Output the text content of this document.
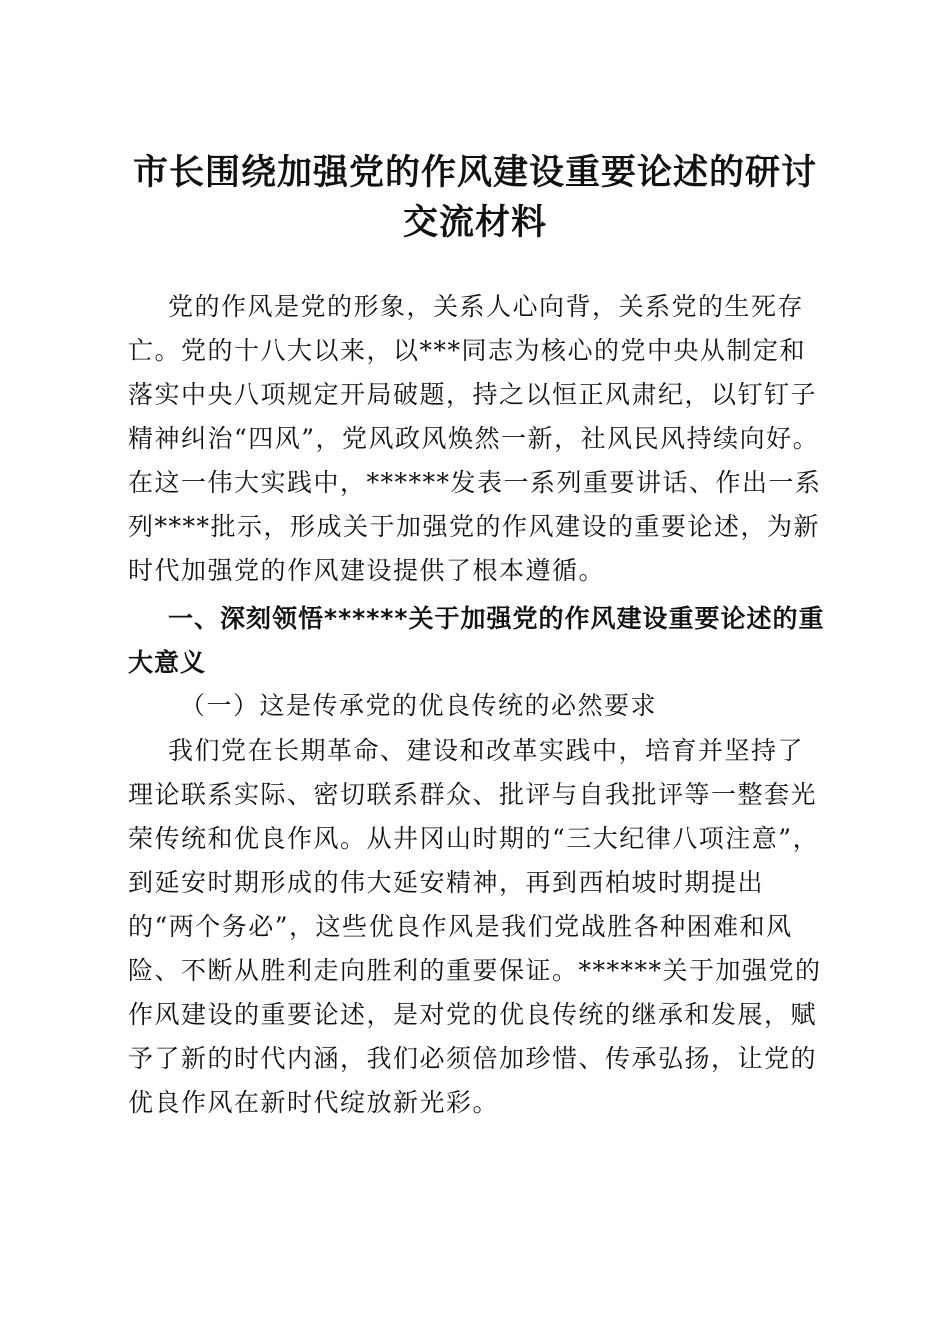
市长围绕加强党的作风建设重要论述的研讨交流材料

党的作风是党的形象，关系人心向背，关系党的生死存亡。党的十八大以来，以***同志为核心的党中央从制定和落实中央八项规定开局破题，持之以恒正风肃纪，以钉钉子精神纠治“四风”，党风政风焕然一新，社风民风持续向好。在这一伟大实践中，******发表一系列重要讲话、作出一系列****批示，形成关于加强党的作风建设的重要论述，为新时代加强党的作风建设提供了根本遵循。

一、深刻领悟******关于加强党的作风建设重要论述的重大意义

（一）这是传承党的优良传统的必然要求

我们党在长期革命、建设和改革实践中，培育并坚持了理论联系实际、密切联系群众、批评与自我批评等一整套光荣传统和优良作风。从井冈山时期的“三大纪律八项注意”，到延安时期形成的伟大延安精神，再到西柏坡时期提出的“两个务必”，这些优良作风是我们党战胜各种困难和风险、不断从胜利走向胜利的重要保证。******关于加强党的作风建设的重要论述，是对党的优良传统的继承和发展，赋予了新的时代内涵，我们必须倍加珍惜、传承弘扬，让党的优良作风在新时代绽放新光彩。
